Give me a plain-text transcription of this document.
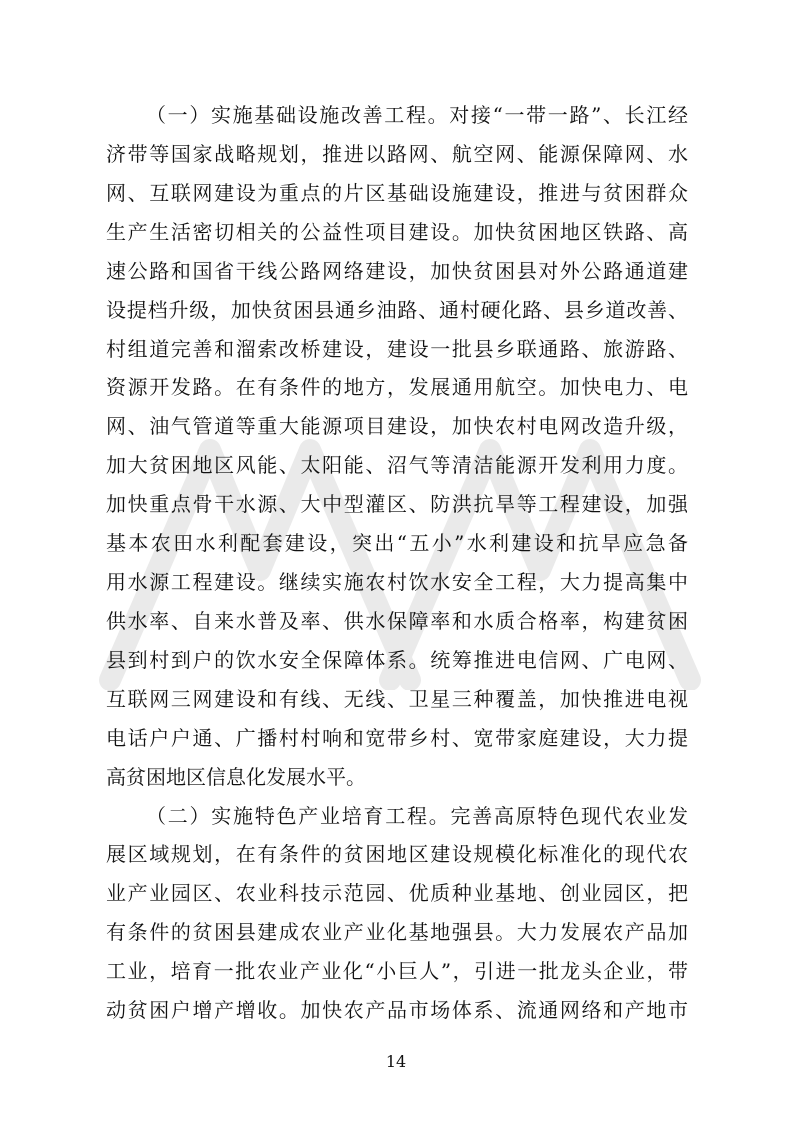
（一）实施基础设施改善工程。对接“一带一路”、长江经
济带等国家战略规划，推进以路网、航空网、能源保障网、水
网、互联网建设为重点的片区基础设施建设，推进与贫困群众
生产生活密切相关的公益性项目建设。加快贫困地区铁路、高
速公路和国省干线公路网络建设，加快贫困县对外公路通道建
设提档升级，加快贫困县通乡油路、通村硬化路、县乡道改善、
村组道完善和溜索改桥建设，建设一批县乡联通路、旅游路、
资源开发路。在有条件的地方，发展通用航空。加快电力、电
网、油气管道等重大能源项目建设，加快农村电网改造升级，
加大贫困地区风能、太阳能、沼气等清洁能源开发利用力度。
加快重点骨干水源、大中型灌区、防洪抗旱等工程建设，加强
基本农田水利配套建设，突出“五小”水利建设和抗旱应急备
用水源工程建设。继续实施农村饮水安全工程，大力提高集中
供水率、自来水普及率、供水保障率和水质合格率，构建贫困
县到村到户的饮水安全保障体系。统筹推进电信网、广电网、
互联网三网建设和有线、无线、卫星三种覆盖，加快推进电视
电话户户通、广播村村响和宽带乡村、宽带家庭建设，大力提
高贫困地区信息化发展水平。
（二）实施特色产业培育工程。完善高原特色现代农业发
展区域规划，在有条件的贫困地区建设规模化标准化的现代农
业产业园区、农业科技示范园、优质种业基地、创业园区，把
有条件的贫困县建成农业产业化基地强县。大力发展农产品加
工业，培育一批农业产业化“小巨人”，引进一批龙头企业，带
动贫困户增产增收。加快农产品市场体系、流通网络和产地市
14
